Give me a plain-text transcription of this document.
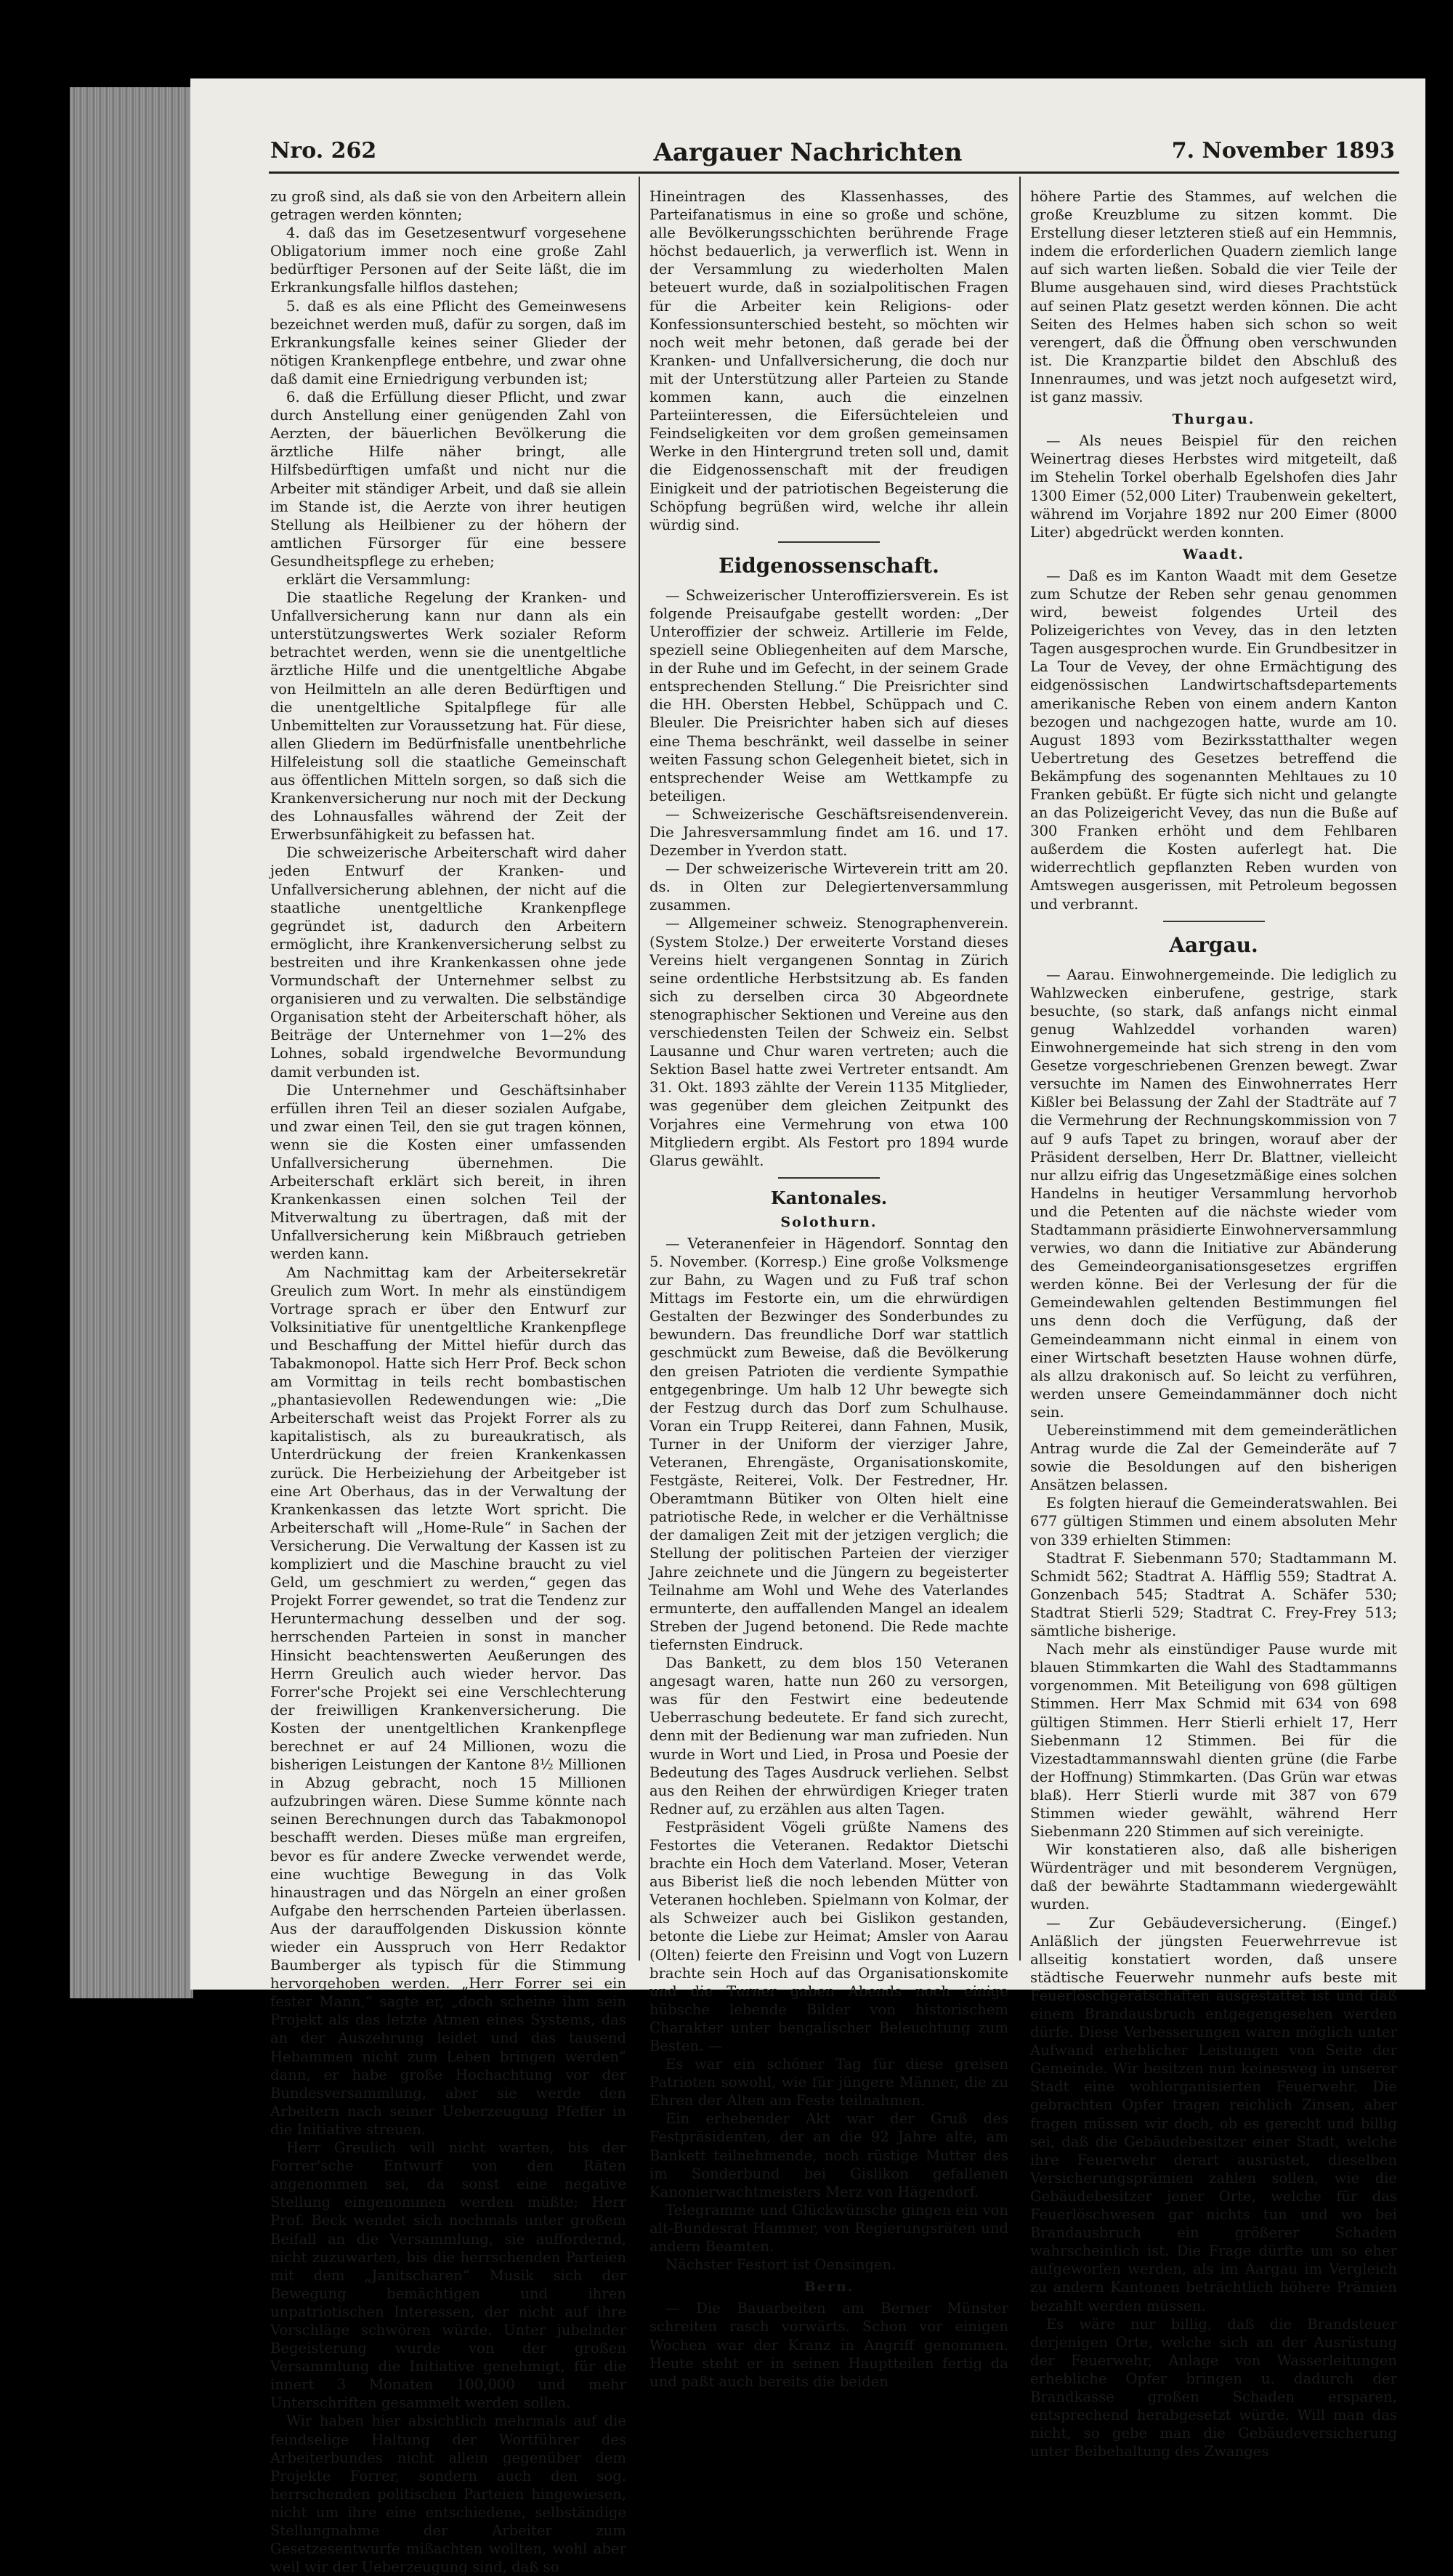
Nro. 262	Aargauer Nachrichten	7. November 1893

zu groß sind, als daß sie von den Arbeitern allein getragen werden könnten;

4. daß das im Gesetzesentwurf vorgesehene Obligatorium immer noch eine große Zahl bedürftiger Personen auf der Seite läßt, die im Erkrankungsfalle hilflos dastehen;

5. daß es als eine Pflicht des Gemeinwesens bezeichnet werden muß, dafür zu sorgen, daß im Erkrankungsfalle keines seiner Glieder der nötigen Krankenpflege entbehre, und zwar ohne daß damit eine Erniedrigung verbunden ist;

6. daß die Erfüllung dieser Pflicht, und zwar durch Anstellung einer genügenden Zahl von Aerzten, der bäuerlichen Bevölkerung die ärztliche Hilfe näher bringt, alle Hilfsbedürftigen umfaßt und nicht nur die Arbeiter mit ständiger Arbeit, und daß sie allein im Stande ist, die Aerzte von ihrer heutigen Stellung als Heilbiener zu der höhern der amtlichen Fürsorger für eine bessere Gesundheitspflege zu erheben;

erklärt die Versammlung:

Die staatliche Regelung der Kranken- und Unfallversicherung kann nur dann als ein unterstützungswertes Werk sozialer Reform betrachtet werden, wenn sie die unentgeltliche ärztliche Hilfe und die unentgeltliche Abgabe von Heilmitteln an alle deren Bedürftigen und die unentgeltliche Spitalpflege für alle Unbemittelten zur Voraussetzung hat. Für diese, allen Gliedern im Bedürfnisfalle unentbehrliche Hilfeleistung soll die staatliche Gemeinschaft aus öffentlichen Mitteln sorgen, so daß sich die Krankenversicherung nur noch mit der Deckung des Lohnausfalles während der Zeit der Erwerbsunfähigkeit zu befassen hat.

Die schweizerische Arbeiterschaft wird daher jeden Entwurf der Kranken- und Unfallversicherung ablehnen, der nicht auf die staatliche unentgeltliche Krankenpflege gegründet ist, dadurch den Arbeitern ermöglicht, ihre Krankenversicherung selbst zu bestreiten und ihre Krankenkassen ohne jede Vormundschaft der Unternehmer selbst zu organisieren und zu verwalten. Die selbständige Organisation steht der Arbeiterschaft höher, als Beiträge der Unternehmer von 1—2% des Lohnes, sobald irgendwelche Bevormundung damit verbunden ist.

Die Unternehmer und Geschäftsinhaber erfüllen ihren Teil an dieser sozialen Aufgabe, und zwar einen Teil, den sie gut tragen können, wenn sie die Kosten einer umfassenden Unfallversicherung übernehmen. Die Arbeiterschaft erklärt sich bereit, in ihren Krankenkassen einen solchen Teil der Mitverwaltung zu übertragen, daß mit der Unfallversicherung kein Mißbrauch getrieben werden kann.

Am Nachmittag kam der Arbeitersekretär Greulich zum Wort. In mehr als einstündigem Vortrage sprach er über den Entwurf zur Volksinitiative für unentgeltliche Krankenpflege und Beschaffung der Mittel hiefür durch das Tabakmonopol. Hatte sich Herr Prof. Beck schon am Vormittag in teils recht bombastischen „phantasievollen Redewendungen wie: „Die Arbeiterschaft weist das Projekt Forrer als zu kapitalistisch, als zu bureaukratisch, als Unterdrückung der freien Krankenkassen zurück. Die Herbeiziehung der Arbeitgeber ist eine Art Oberhaus, das in der Verwaltung der Krankenkassen das letzte Wort spricht. Die Arbeiterschaft will „Home-Rule“ in Sachen der Versicherung. Die Verwaltung der Kassen ist zu kompliziert und die Maschine braucht zu viel Geld, um geschmiert zu werden,“ gegen das Projekt Forrer gewendet, so trat die Tendenz zur Heruntermachung desselben und der sog. herrschenden Parteien in sonst in mancher Hinsicht beachtenswerten Aeußerungen des Herrn Greulich auch wieder hervor. Das Forrer'sche Projekt sei eine Verschlechterung der freiwilligen Krankenversicherung. Die Kosten der unentgeltlichen Krankenpflege berechnet er auf 24 Millionen, wozu die bisherigen Leistungen der Kantone 8½ Millionen in Abzug gebracht, noch 15 Millionen aufzubringen wären. Diese Summe könnte nach seinen Berechnungen durch das Tabakmonopol beschafft werden. Dieses müße man ergreifen, bevor es für andere Zwecke verwendet werde, eine wuchtige Bewegung in das Volk hinaustragen und das Nörgeln an einer großen Aufgabe den herrschenden Parteien überlassen. Aus der darauffolgenden Diskussion könnte wieder ein Ausspruch von Herr Redaktor Baumberger als typisch für die Stimmung hervorgehoben werden. „Herr Forrer sei ein fester Mann,“ sagte er, „doch scheine ihm sein Projekt als das letzte Atmen eines Systems, das an der Auszehrung leidet und das tausend Hebammen nicht zum Leben bringen werden“ dann, er habe große Hochachtung vor der Bundesversammlung, aber sie werde den Arbeitern nach seiner Ueberzeugung Pfeffer in die Initiative streuen.

Herr Greulich will nicht warten, bis der Forrer'sche Entwurf von den Räten angenommen sei, da sonst eine negative Stellung eingenommen werden müßte; Herr Prof. Beck wendet sich nochmals unter großem Beifall an die Versammlung, sie auffordernd, nicht zuzuwarten, bis die herrschenden Parteien mit dem „Janitscharen“ Musik sich der Bewegung bemächtigen und ihren unpatriotischen Interessen, der nicht auf ihre Vorschläge schwören würde. Unter jubelnder Begeisterung wurde von der großen Versammlung die Initiative genehmigt, für die innert 3 Monaten 100,000 und mehr Unterschriften gesammelt werden sollen.

Wir haben hier absichtlich mehrmals auf die feindselige Haltung der Wortführer des Arbeiterbundes nicht allein gegenüber dem Projekte Forrer, sondern auch den sog. herrschenden politischen Parteien hingewiesen, nicht um ihre eine entschiedene, selbständige Stellungnahme der Arbeiter zum Gesetzesentwurfe mißachten wollten, wohl aber weil wir der Ueberzeugung sind, daß so

Hineintragen des Klassenhasses, des Parteifanatismus in eine so große und schöne, alle Bevölkerungsschichten berührende Frage höchst bedauerlich, ja verwerflich ist. Wenn in der Versammlung zu wiederholten Malen beteuert wurde, daß in sozialpolitischen Fragen für die Arbeiter kein Religions- oder Konfessionsunterschied besteht, so möchten wir noch weit mehr betonen, daß gerade bei der Kranken- und Unfallversicherung, die doch nur mit der Unterstützung aller Parteien zu Stande kommen kann, auch die einzelnen Parteiinteressen, die Eifersüchteleien und Feindseligkeiten vor dem großen gemeinsamen Werke in den Hintergrund treten soll und, damit die Eidgenossenschaft mit der freudigen Einigkeit und der patriotischen Begeisterung die Schöpfung begrüßen wird, welche ihr allein würdig sind.

Eidgenossenschaft.

— Schweizerischer Unteroffiziersverein. Es ist folgende Preisaufgabe gestellt worden: „Der Unteroffizier der schweiz. Artillerie im Felde, speziell seine Obliegenheiten auf dem Marsche, in der Ruhe und im Gefecht, in der seinem Grade entsprechenden Stellung.“ Die Preisrichter sind die HH. Obersten Hebbel, Schüppach und C. Bleuler. Die Preisrichter haben sich auf dieses eine Thema beschränkt, weil dasselbe in seiner weiten Fassung schon Gelegenheit bietet, sich in entsprechender Weise am Wettkampfe zu beteiligen.

— Schweizerische Geschäftsreisendenverein. Die Jahresversammlung findet am 16. und 17. Dezember in Yverdon statt.

— Der schweizerische Wirteverein tritt am 20. ds. in Olten zur Delegiertenversammlung zusammen.

— Allgemeiner schweiz. Stenographenverein. (System Stolze.) Der erweiterte Vorstand dieses Vereins hielt vergangenen Sonntag in Zürich seine ordentliche Herbstsitzung ab. Es fanden sich zu derselben circa 30 Abgeordnete stenographischer Sektionen und Vereine aus den verschiedensten Teilen der Schweiz ein. Selbst Lausanne und Chur waren vertreten; auch die Sektion Basel hatte zwei Vertreter entsandt. Am 31. Okt. 1893 zählte der Verein 1135 Mitglieder, was gegenüber dem gleichen Zeitpunkt des Vorjahres eine Vermehrung von etwa 100 Mitgliedern ergibt. Als Festort pro 1894 wurde Glarus gewählt.

Kantonales.
Solothurn.

— Veteranenfeier in Hägendorf. Sonntag den 5. November. (Korresp.) Eine große Volksmenge zur Bahn, zu Wagen und zu Fuß traf schon Mittags im Festorte ein, um die ehrwürdigen Gestalten der Bezwinger des Sonderbundes zu bewundern. Das freundliche Dorf war stattlich geschmückt zum Beweise, daß die Bevölkerung den greisen Patrioten die verdiente Sympathie entgegenbringe. Um halb 12 Uhr bewegte sich der Festzug durch das Dorf zum Schulhause. Voran ein Trupp Reiterei, dann Fahnen, Musik, Turner in der Uniform der vierziger Jahre, Veteranen, Ehrengäste, Organisationskomite, Festgäste, Reiterei, Volk. Der Festredner, Hr. Oberamtmann Bütiker von Olten hielt eine patriotische Rede, in welcher er die Verhältnisse der damaligen Zeit mit der jetzigen verglich; die Stellung der politischen Parteien der vierziger Jahre zeichnete und die Jüngern zu begeisterter Teilnahme am Wohl und Wehe des Vaterlandes ermunterte, den auffallenden Mangel an idealem Streben der Jugend betonend. Die Rede machte tiefernsten Eindruck.

Das Bankett, zu dem blos 150 Veteranen angesagt waren, hatte nun 260 zu versorgen, was für den Festwirt eine bedeutende Ueberraschung bedeutete. Er fand sich zurecht, denn mit der Bedienung war man zufrieden. Nun wurde in Wort und Lied, in Prosa und Poesie der Bedeutung des Tages Ausdruck verliehen. Selbst aus den Reihen der ehrwürdigen Krieger traten Redner auf, zu erzählen aus alten Tagen.

Festpräsident Vögeli grüßte Namens des Festortes die Veteranen. Redaktor Dietschi brachte ein Hoch dem Vaterland. Moser, Veteran aus Biberist ließ die noch lebenden Mütter von Veteranen hochleben. Spielmann von Kolmar, der als Schweizer auch bei Gislikon gestanden, betonte die Liebe zur Heimat; Amsler von Aarau (Olten) feierte den Freisinn und Vogt von Luzern brachte sein Hoch auf das Organisationskomite und die Turner gaben Abends noch einige hübsche lebende Bilder von historischem Charakter unter bengalischer Beleuchtung zum Besten. —

Es war ein schöner Tag für diese greisen Patrioten sowohl, wie für jüngere Männer, die zu Ehren der Alten am Feste teilnahmen.

Ein erhebender Akt war der Gruß des Festpräsidenten, der an die 92 Jahre alte, am Bankett teilnehmende, noch rüstige Mutter des im Sonderbund bei Gislikon gefallenen Kanonierwachtmeisters Merz von Hägendorf.

Telegramme und Glückwünsche gingen ein von alt-Bundesrat Hammer, von Regierungsräten und andern Beamten.

Nächster Festort ist Oensingen.

Bern.

— Die Bauarbeiten am Berner Münster schreiten rasch vorwärts. Schon vor einigen Wochen war der Kranz in Angriff genommen. Heute steht er in seinen Hauptteilen fertig da und paßt auch bereits die beiden

höhere Partie des Stammes, auf welchen die große Kreuzblume zu sitzen kommt. Die Erstellung dieser letzteren stieß auf ein Hemmnis, indem die erforderlichen Quadern ziemlich lange auf sich warten ließen. Sobald die vier Teile der Blume ausgehauen sind, wird dieses Prachtstück auf seinen Platz gesetzt werden können. Die acht Seiten des Helmes haben sich schon so weit verengert, daß die Öffnung oben verschwunden ist. Die Kranzpartie bildet den Abschluß des Innenraumes, und was jetzt noch aufgesetzt wird, ist ganz massiv.

Thurgau.

— Als neues Beispiel für den reichen Weinertrag dieses Herbstes wird mitgeteilt, daß im Stehelin Torkel oberhalb Egelshofen dies Jahr 1300 Eimer (52,000 Liter) Traubenwein gekeltert, während im Vorjahre 1892 nur 200 Eimer (8000 Liter) abgedrückt werden konnten.

Waadt.

— Daß es im Kanton Waadt mit dem Gesetze zum Schutze der Reben sehr genau genommen wird, beweist folgendes Urteil des Polizeigerichtes von Vevey, das in den letzten Tagen ausgesprochen wurde. Ein Grundbesitzer in La Tour de Vevey, der ohne Ermächtigung des eidgenössischen Landwirtschaftsdepartements amerikanische Reben von einem andern Kanton bezogen und nachgezogen hatte, wurde am 10. August 1893 vom Bezirksstatthalter wegen Uebertretung des Gesetzes betreffend die Bekämpfung des sogenannten Mehltaues zu 10 Franken gebüßt. Er fügte sich nicht und gelangte an das Polizeigericht Vevey, das nun die Buße auf 300 Franken erhöht und dem Fehlbaren außerdem die Kosten auferlegt hat. Die widerrechtlich gepflanzten Reben wurden von Amtswegen ausgerissen, mit Petroleum begossen und verbrannt.

Aargau.

— Aarau. Einwohnergemeinde. Die lediglich zu Wahlzwecken einberufene, gestrige, stark besuchte, (so stark, daß anfangs nicht einmal genug Wahlzeddel vorhanden waren) Einwohnergemeinde hat sich streng in den vom Gesetze vorgeschriebenen Grenzen bewegt. Zwar versuchte im Namen des Einwohnerrates Herr Kißler bei Belassung der Zahl der Stadträte auf 7 die Vermehrung der Rechnungskommission von 7 auf 9 aufs Tapet zu bringen, worauf aber der Präsident derselben, Herr Dr. Blattner, vielleicht nur allzu eifrig das Ungesetzmäßige eines solchen Handelns in heutiger Versammlung hervorhob und die Petenten auf die nächste wieder vom Stadtammann präsidierte Einwohnerversammlung verwies, wo dann die Initiative zur Abänderung des Gemeindeorganisationsgesetzes ergriffen werden könne. Bei der Verlesung der für die Gemeindewahlen geltenden Bestimmungen fiel uns denn doch die Verfügung, daß der Gemeindeammann nicht einmal in einem von einer Wirtschaft besetzten Hause wohnen dürfe, als allzu drakonisch auf. So leicht zu verführen, werden unsere Gemeindammänner doch nicht sein.

Uebereinstimmend mit dem gemeinderätlichen Antrag wurde die Zal der Gemeinderäte auf 7 sowie die Besoldungen auf den bisherigen Ansätzen belassen.

Es folgten hierauf die Gemeinderatswahlen. Bei 677 gültigen Stimmen und einem absoluten Mehr von 339 erhielten Stimmen:

Stadtrat F. Siebenmann 570; Stadtammann M. Schmidt 562; Stadtrat A. Häfflig 559; Stadtrat A. Gonzenbach 545; Stadtrat A. Schäfer 530; Stadtrat Stierli 529; Stadtrat C. Frey-Frey 513; sämtliche bisherige.

Nach mehr als einstündiger Pause wurde mit blauen Stimmkarten die Wahl des Stadtammanns vorgenommen. Mit Beteiligung von 698 gültigen Stimmen. Herr Max Schmid mit 634 von 698 gültigen Stimmen. Herr Stierli erhielt 17, Herr Siebenmann 12 Stimmen. Bei für die Vizestadtammannswahl dienten grüne (die Farbe der Hoffnung) Stimmkarten. (Das Grün war etwas blaß). Herr Stierli wurde mit 387 von 679 Stimmen wieder gewählt, während Herr Siebenmann 220 Stimmen auf sich vereinigte.

Wir konstatieren also, daß alle bisherigen Würdenträger und mit besonderem Vergnügen, daß der bewährte Stadtammann wiedergewählt wurden.

— Zur Gebäudeversicherung. (Eingef.) Anläßlich der jüngsten Feuerwehrrevue ist allseitig konstatiert worden, daß unsere städtische Feuerwehr nunmehr aufs beste mit Feuerlöschgerätschaften ausgestattet ist und daß einem Brandausbruch entgegengesehen werden dürfe. Diese Verbesserungen waren möglich unter Aufwand erheblicher Leistungen von Seite der Gemeinde. Wir besitzen nun keinesweg in unserer Stadt eine wohlorganisierten Feuerwehr. Die gebrachten Opfer tragen reichlich Zinsen, aber fragen müssen wir doch, ob es gerecht und billig sei, daß die Gebäudebesitzer einer Stadt, welche ihre Feuerwehr derart ausrüstet, dieselben Versicherungsprämien zahlen sollen, wie die Gebäudebesitzer jener Orte, welche für das Feuerlöschwesen gar nichts tun und wo bei Brandausbruch ein größerer Schaden wahrscheinlich ist. Die Frage dürfte um so eher aufgeworfen werden, als im Aargau im Vergleich zu andern Kantonen beträchtlich höhere Prämien bezahlt werden müssen.

Es wäre nur billig, daß die Brandsteuer derjenigen Orte, welche sich an der Ausrüstung der Feuerwehr, Anlage von Wasserleitungen erhebliche Opfer bringen u. dadurch der Brandkasse großen Schaden ersparen, entsprechend herabgesetzt würde. Will man das nicht, so gebe man die Gebäudeversicherung unter Beibehaltung des Zwanges
